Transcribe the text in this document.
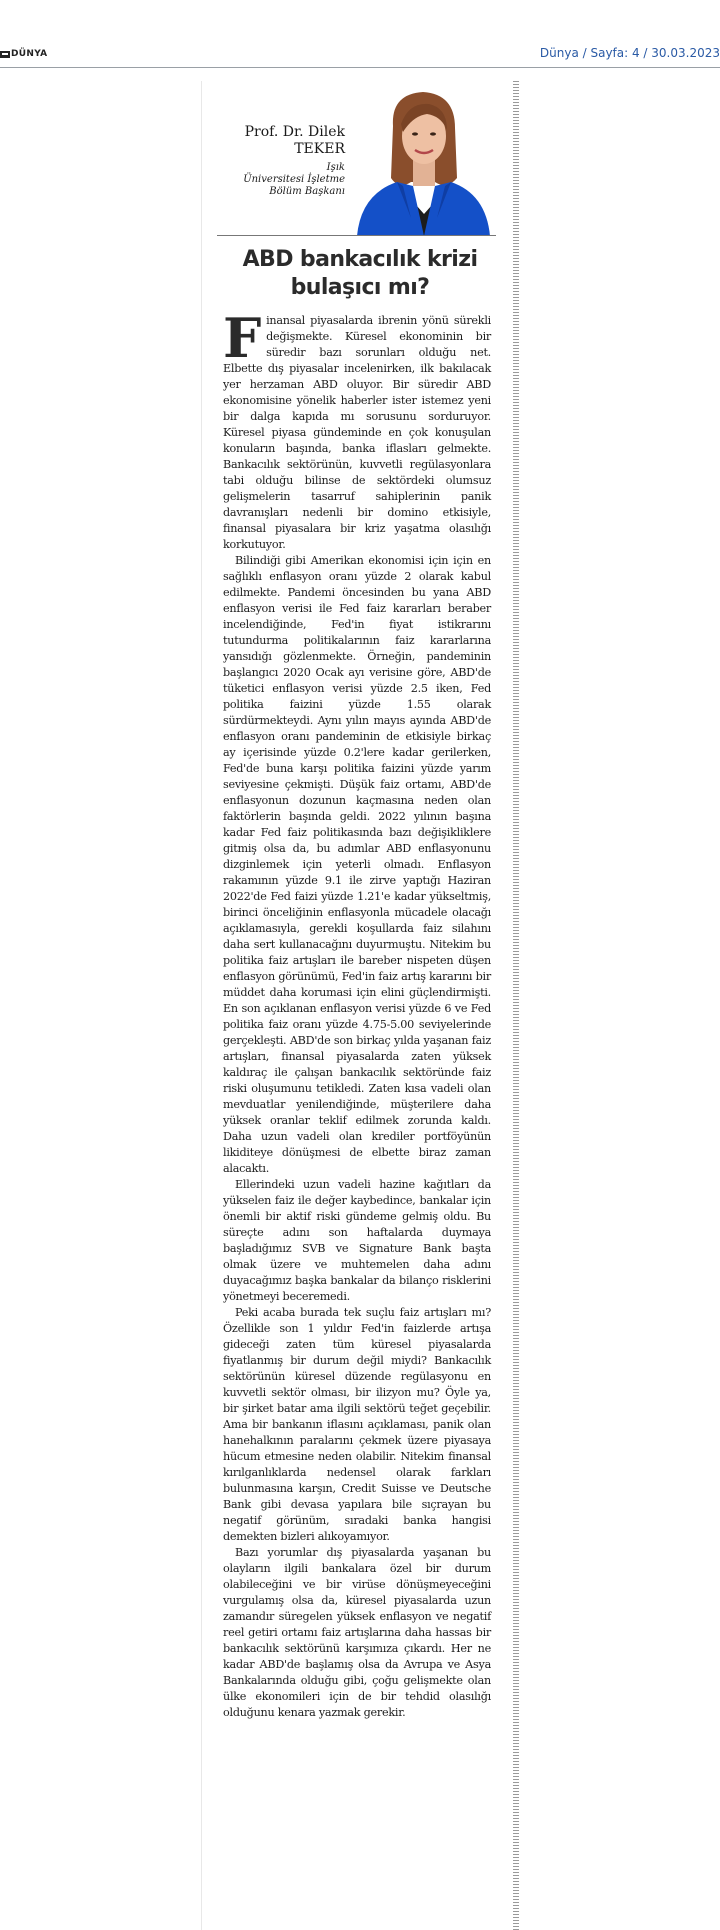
DÜNYA	Dünya / Sayfa: 4 / 30.03.2023
Prof. Dr. Dilek
TEKER
Işık
Üniversitesi İşletme
Bölüm Başkanı
ABD bankacılık krizi
bulaşıcı mı?

Finansal piyasalarda ibrenin yönü sürekli değişmekte. Küresel ekonominin bir süredir bazı sorunları olduğu net. Elbette dış piyasalar incelenirken, ilk bakılacak yer herzaman ABD oluyor. Bir süredir ABD ekonomisine yönelik haberler ister istemez yeni bir dalga kapıda mı sorusunu sorduruyor. Küresel piyasa gündeminde en çok konuşulan konuların başında, banka iflasları gelmekte. Bankacılık sektörünün, kuvvetli regülasyonlara tabi olduğu bilinse de sektördeki olumsuz gelişmelerin tasarruf sahiplerinin panik davranışları nedenli bir domino etkisiyle, finansal piyasalara bir kriz yaşatma olasılığı korkutuyor.

Bilindiği gibi Amerikan ekonomisi için için en sağlıklı enflasyon oranı yüzde 2 olarak kabul edilmekte. Pandemi öncesinden bu yana ABD enflasyon verisi ile Fed faiz kararları beraber incelendiğinde, Fed'in fiyat istikrarını tutundurma politikalarının faiz kararlarına yansıdığı gözlenmekte. Örneğin, pandeminin başlangıcı 2020 Ocak ayı verisine göre, ABD'de tüketici enflasyon verisi yüzde 2.5 iken, Fed politika faizini yüzde 1.55 olarak sürdürmekteydi. Aynı yılın mayıs ayında ABD'de enflasyon oranı pandeminin de etkisiyle birkaç ay içerisinde yüzde 0.2'lere kadar gerilerken, Fed'de buna karşı politika faizini yüzde yarım seviyesine çekmişti. Düşük faiz ortamı, ABD'de enflasyonun dozunun kaçmasına neden olan faktörlerin başında geldi. 2022 yılının başına kadar Fed faiz politikasında bazı değişikliklere gitmiş olsa da, bu adımlar ABD enflasyonunu dizginlemek için yeterli olmadı. Enflasyon rakamının yüzde 9.1 ile zirve yaptığı Haziran 2022'de Fed faizi yüzde 1.21'e kadar yükseltmiş, birinci önceliğinin enflasyonla mücadele olacağı açıklamasıyla, gerekli koşullarda faiz silahını daha sert kullanacağını duyurmuştu. Nitekim bu politika faiz artışları ile bareber nispeten düşen enflasyon görünümü, Fed'in faiz artış kararını bir müddet daha korumasi için elini güçlendirmişti. En son açıklanan enflasyon verisi yüzde 6 ve Fed politika faiz oranı yüzde 4.75-5.00 seviyelerinde gerçekleşti. ABD'de son birkaç yılda yaşanan faiz artışları, finansal piyasalarda zaten yüksek kaldıraç ile çalışan bankacılık sektöründe faiz riski oluşumunu tetikledi. Zaten kısa vadeli olan mevduatlar yenilendiğinde, müşterilere daha yüksek oranlar teklif edilmek zorunda kaldı. Daha uzun vadeli olan krediler portföyünün likiditeye dönüşmesi de elbette biraz zaman alacaktı.

Ellerindeki uzun vadeli hazine kağıtları da yükselen faiz ile değer kaybedince, bankalar için önemli bir aktif riski gündeme gelmiş oldu. Bu süreçte adını son haftalarda duymaya başladığımız SVB ve Signature Bank başta olmak üzere ve muhtemelen daha adını duyacağımız başka bankalar da bilanço risklerini yönetmeyi beceremedi.

Peki acaba burada tek suçlu faiz artışları mı? Özellikle son 1 yıldır Fed'in faizlerde artışa gideceği zaten tüm küresel piyasalarda fiyatlanmış bir durum değil miydi? Bankacılık sektörünün küresel düzende regülasyonu en kuvvetli sektör olması, bir ilizyon mu? Öyle ya, bir şirket batar ama ilgili sektörü teğet geçebilir. Ama bir bankanın iflasını açıklaması, panik olan hanehalkının paralarını çekmek üzere piyasaya hücum etmesine neden olabilir. Nitekim finansal kırılganlıklarda nedensel olarak farkları bulunmasına karşın, Credit Suisse ve Deutsche Bank gibi devasa yapılara bile sıçrayan bu negatif görünüm, sıradaki banka hangisi demekten bizleri alıkoyamıyor.

Bazı yorumlar dış piyasalarda yaşanan bu olayların ilgili bankalara özel bir durum olabileceğini ve bir virüse dönüşmeyeceğini vurgulamış olsa da, küresel piyasalarda uzun zamandır süregelen yüksek enflasyon ve negatif reel getiri ortamı faiz artışlarına daha hassas bir bankacılık sektörünü karşımıza çıkardı. Her ne kadar ABD'de başlamış olsa da Avrupa ve Asya Bankalarında olduğu gibi, çoğu gelişmekte olan ülke ekonomileri için de bir tehdid olasılığı olduğunu kenara yazmak gerekir.
